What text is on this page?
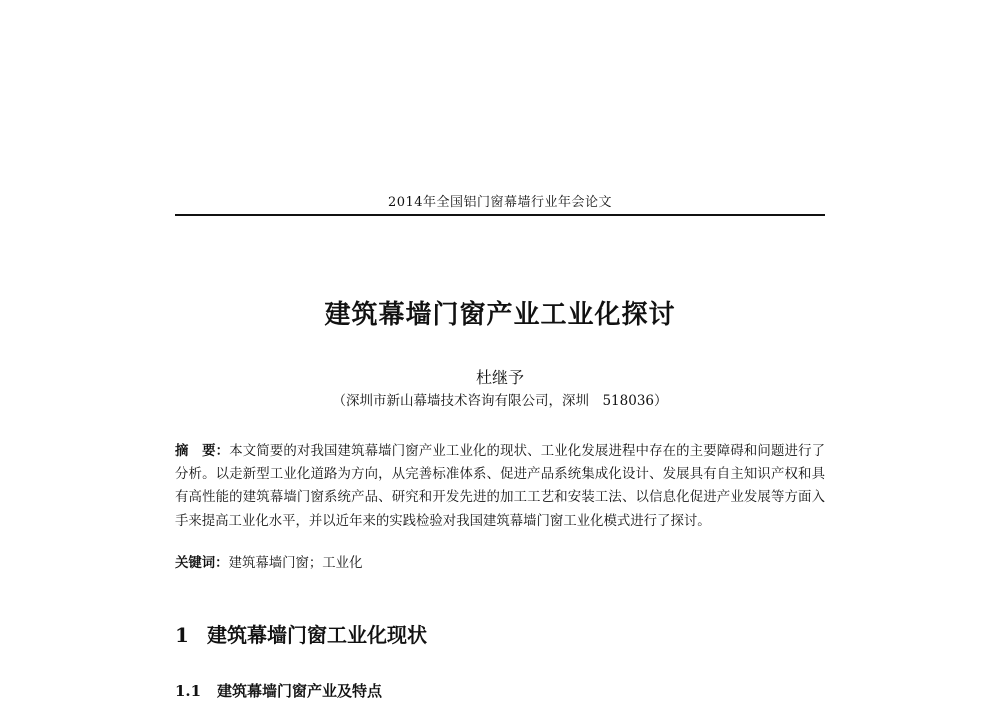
2014年全国铝门窗幕墙行业年会论文
建筑幕墙门窗产业工业化探讨
杜继予
（深圳市新山幕墙技术咨询有限公司，深圳　518036）
摘　要：本文简要的对我国建筑幕墙门窗产业工业化的现状、工业化发展进程中存在的主要障碍和问题进行了分析。以走新型工业化道路为方向，从完善标准体系、促进产品系统集成化设计、发展具有自主知识产权和具有高性能的建筑幕墙门窗系统产品、研究和开发先进的加工工艺和安装工法、以信息化促进产业发展等方面入手来提高工业化水平，并以近年来的实践检验对我国建筑幕墙门窗工业化模式进行了探讨。
关键词：建筑幕墙门窗；工业化
1 建筑幕墙门窗工业化现状
1.1 建筑幕墙门窗产业及特点
